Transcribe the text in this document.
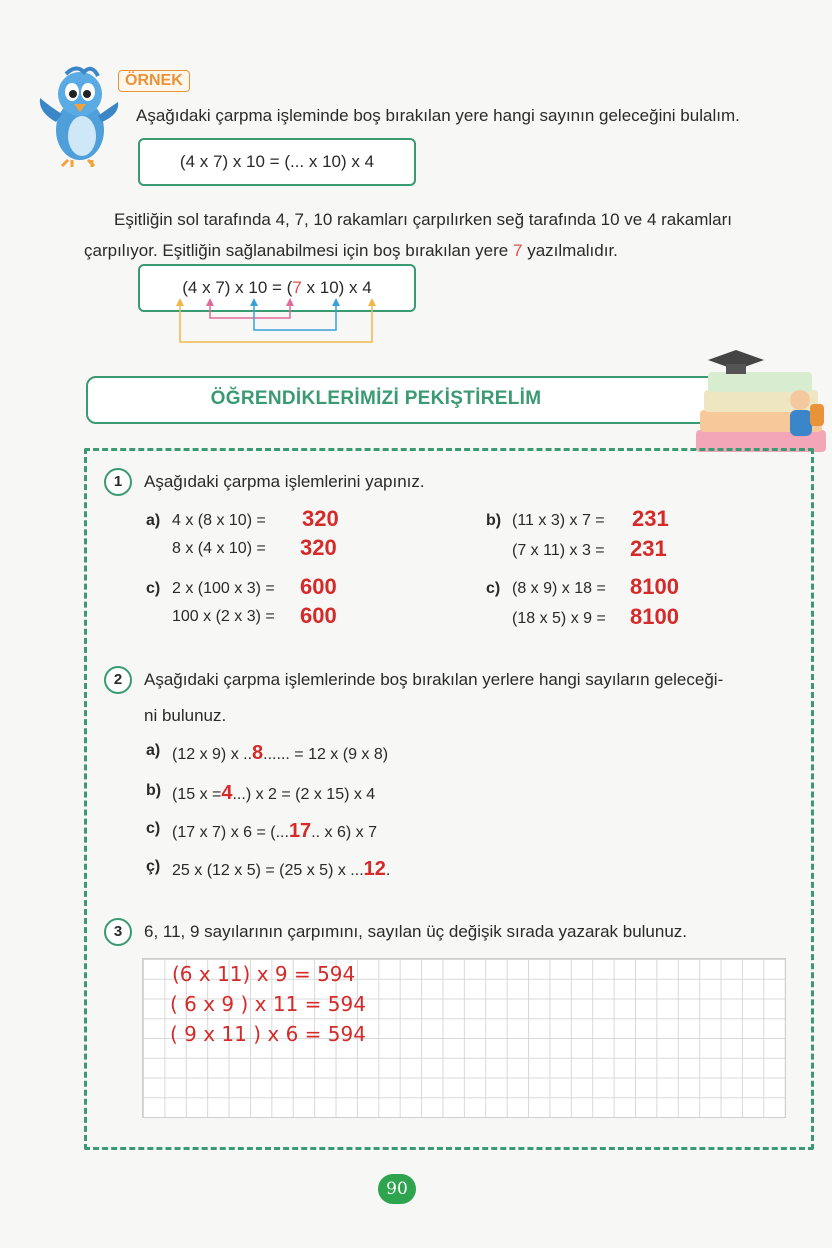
ÖRNEK
Aşağıdaki çarpma işleminde boş bırakılan yere hangi sayının geleceğini bulalım.
(4 x 7) x 10 = (... x 10) x 4
Eşitliğin sol tarafında 4, 7, 10 rakamları çarpılırken seğ tarafında 10 ve 4 rakamları
çarpılıyor. Eşitliğin sağlanabilmesi için boş bırakılan yere 7 yazılmalıdır.
(4 x 7) x 10 = (7 x 10) x 4
ÖĞRENDİKLERİMİZİ PEKİŞTİRELİM
1	Aşağıdaki çarpma işlemlerini yapınız.
a) 4 x (8 x 10) = 320
8 x (4 x 10) = 320
b) (11 x 3) x 7 = 231
(7 x 11) x 3 = 231
c) 2 x (100 x 3) = 600
100 x (2 x 3) = 600
c) (8 x 9) x 18 = 8100
(18 x 5) x 9 = 8100
2	Aşağıdaki çarpma işlemlerinde boş bırakılan yerlere hangi sayıların geleceği-
ni bulunuz.
a) (12 x 9) x ..8...... = 12 x (9 x 8)
b) (15 x =4...) x 2 = (2 x 15) x 4
c) (17 x 7) x 6 = (...17.. x 6) x 7
ç) 25 x (12 x 5) = (25 x 5) x ...12.
3	6, 11, 9 sayılarının çarpımını, sayılan üç değişik sırada yazarak bulunuz.
(6 x 11) x 9 = 594
( 6 x 9 ) x 11 = 594
( 9 x 11 ) x 6 = 594
90
